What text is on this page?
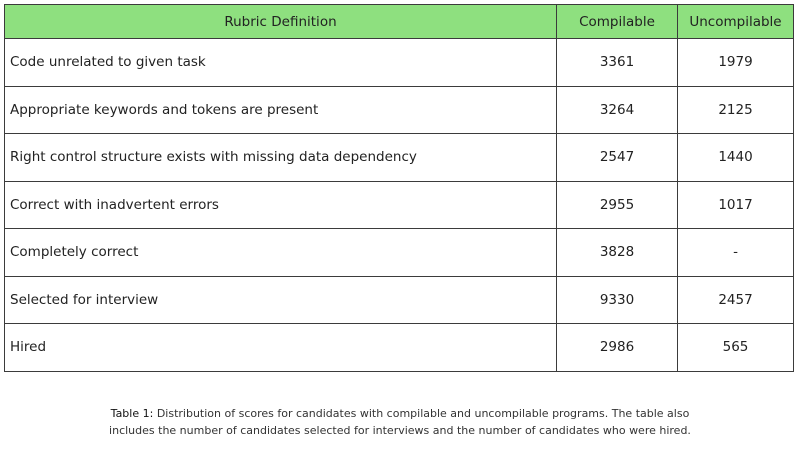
Rubric Definition	Compilable	Uncompilable
Code unrelated to given task	3361	1979
Appropriate keywords and tokens are present	3264	2125
Right control structure exists with missing data dependency	2547	1440
Correct with inadvertent errors	2955	1017
Completely correct	3828	-
Selected for interview	9330	2457
Hired	2986	565
Table 1: Distribution of scores for candidates with compilable and uncompilable programs. The table also
includes the number of candidates selected for interviews and the number of candidates who were hired.
